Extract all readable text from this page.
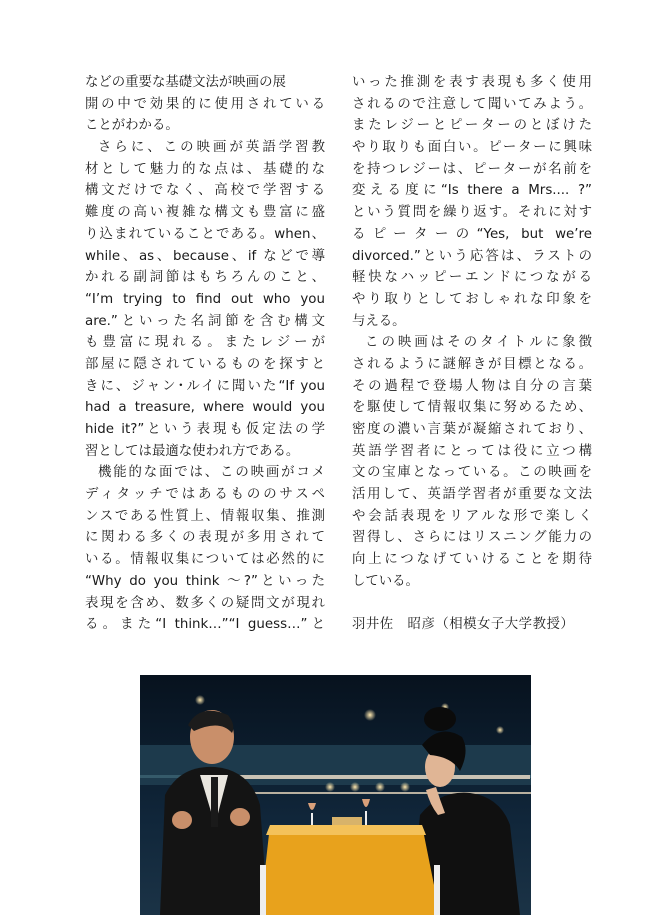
などの重要な基礎文法が映画の展
開の中で効果的に使用されている
ことがわかる。
さらに、この映画が英語学習教
材として魅力的な点は、基礎的な
構文だけでなく、高校で学習する
難度の高い複雑な構文も豊富に盛
り込まれていることである。when、
while、as、because、if などで導
かれる副詞節はもちろんのこと、
“I’m trying to find out who you
are.”といった名詞節を含む構文
も豊富に現れる。またレジーが
部屋に隠されているものを探すと
きに、ジャン･ルイに聞いた“If you
had a treasure, where would you
hide it?”という表現も仮定法の学
習としては最適な使われ方である。
機能的な面では、この映画がコメ
ディタッチではあるもののサスペ
ンスである性質上、情報収集、推測
に関わる多くの表現が多用されて
いる。情報収集については必然的に
“Why do you think ～?”といった
表現を含め、数多くの疑問文が現れ
る。また“I think…”“I guess…”と
いった推測を表す表現も多く使用
されるので注意して聞いてみよう。
またレジーとピーターのとぼけた
やり取りも面白い。ピーターに興味
を持つレジーは、ピーターが名前を
変える度に“Is there a Mrs.... ?”
という質問を繰り返す。それに対す
るピーターの“Yes, but we’re
divorced.”という応答は、ラストの
軽快なハッピーエンドにつながる
やり取りとしておしゃれな印象を
与える。
この映画はそのタイトルに象徴
されるように謎解きが目標となる。
その過程で登場人物は自分の言葉
を駆使して情報収集に努めるため、
密度の濃い言葉が凝縮されており、
英語学習者にとっては役に立つ構
文の宝庫となっている。この映画を
活用して、英語学習者が重要な文法
や会話表現をリアルな形で楽しく
習得し、さらにはリスニング能力の
向上につなげていけることを期待
している。
羽井佐　昭彦（相模女子大学教授）
